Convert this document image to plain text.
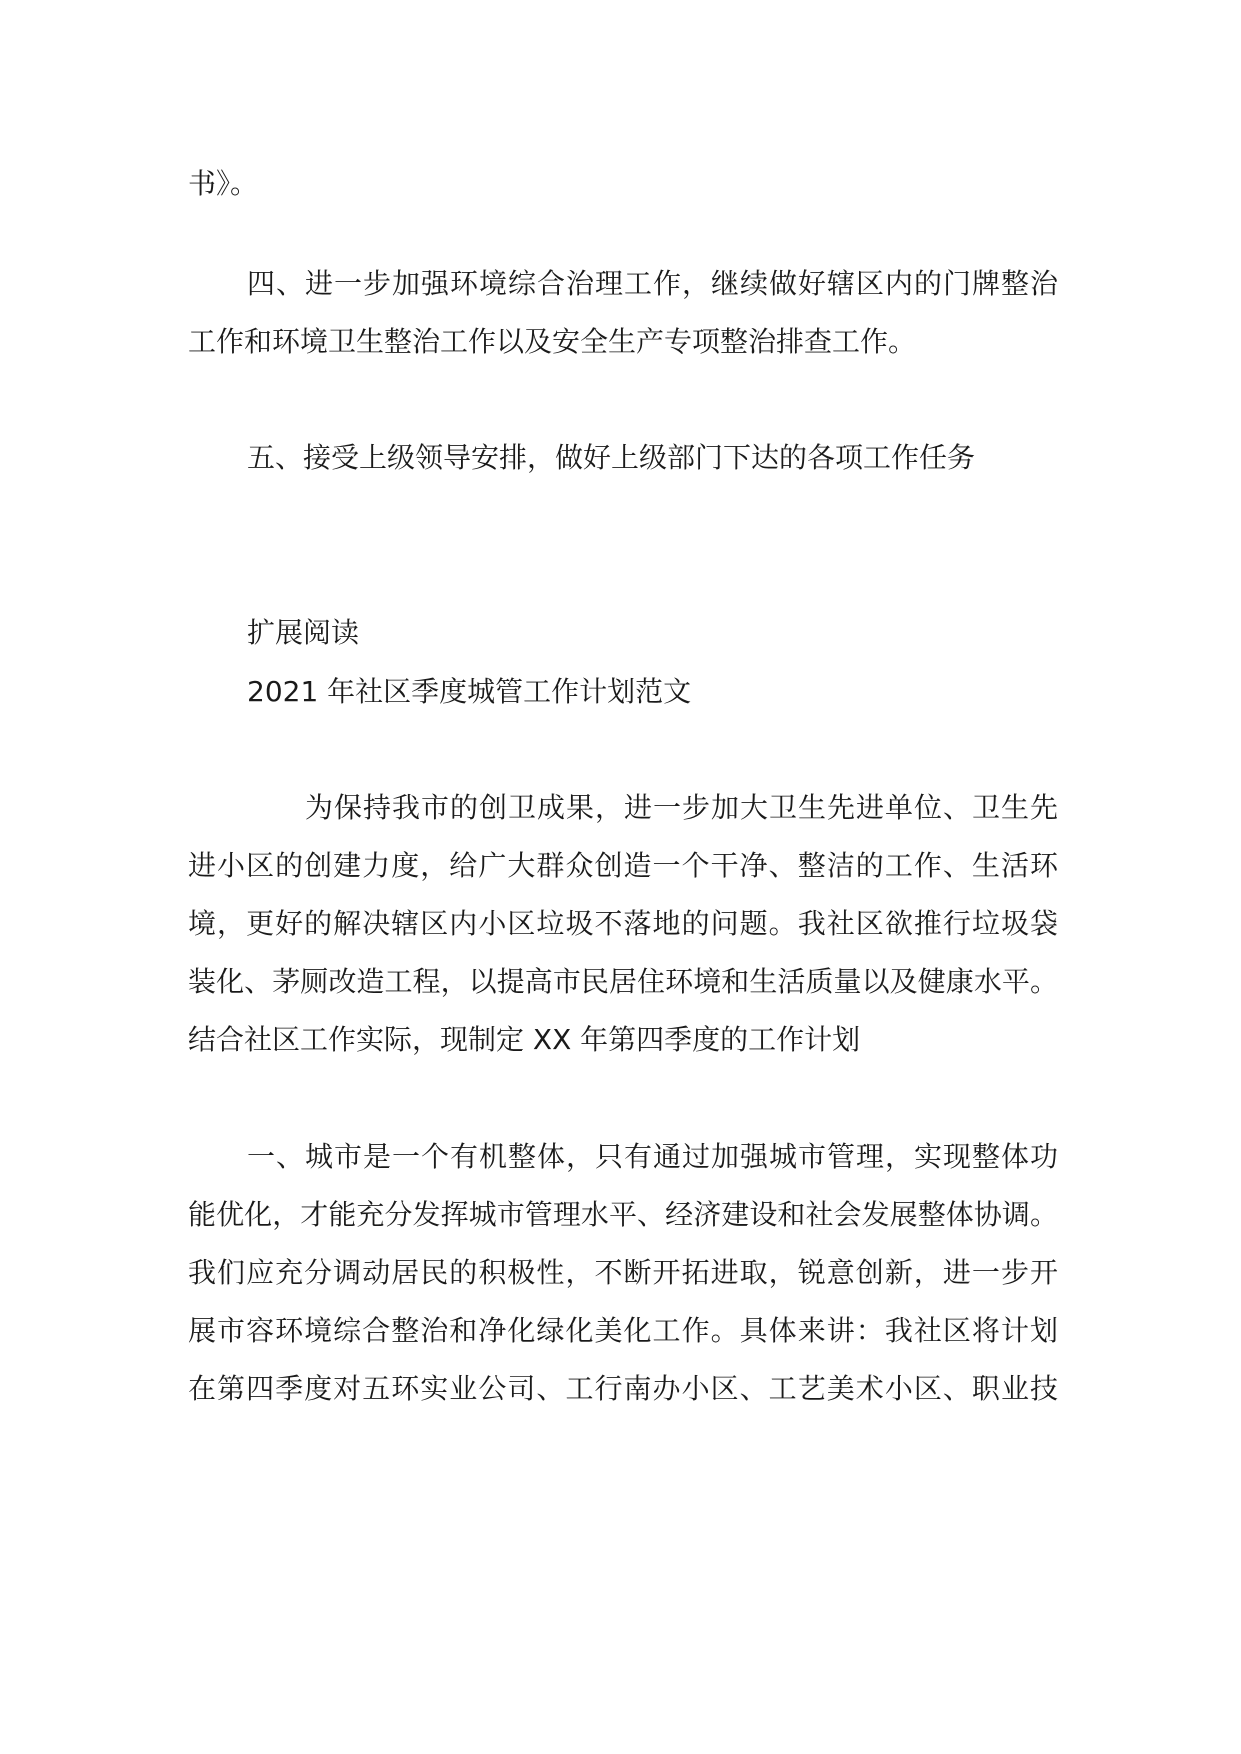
书》。
四、进一步加强环境综合治理工作，继续做好辖区内的门牌整治
工作和环境卫生整治工作以及安全生产专项整治排查工作。
五、接受上级领导安排，做好上级部门下达的各项工作任务
扩展阅读
2021 年社区季度城管工作计划范文
为保持我市的创卫成果，进一步加大卫生先进单位、卫生先
进小区的创建力度，给广大群众创造一个干净、整洁的工作、生活环
境，更好的解决辖区内小区垃圾不落地的问题。我社区欲推行垃圾袋
装化、茅厕改造工程，以提高市民居住环境和生活质量以及健康水平。
结合社区工作实际，现制定 XX 年第四季度的工作计划
一、城市是一个有机整体，只有通过加强城市管理，实现整体功
能优化，才能充分发挥城市管理水平、经济建设和社会发展整体协调。
我们应充分调动居民的积极性，不断开拓进取，锐意创新，进一步开
展市容环境综合整治和净化绿化美化工作。具体来讲：我社区将计划
在第四季度对五环实业公司、工行南办小区、工艺美术小区、职业技
